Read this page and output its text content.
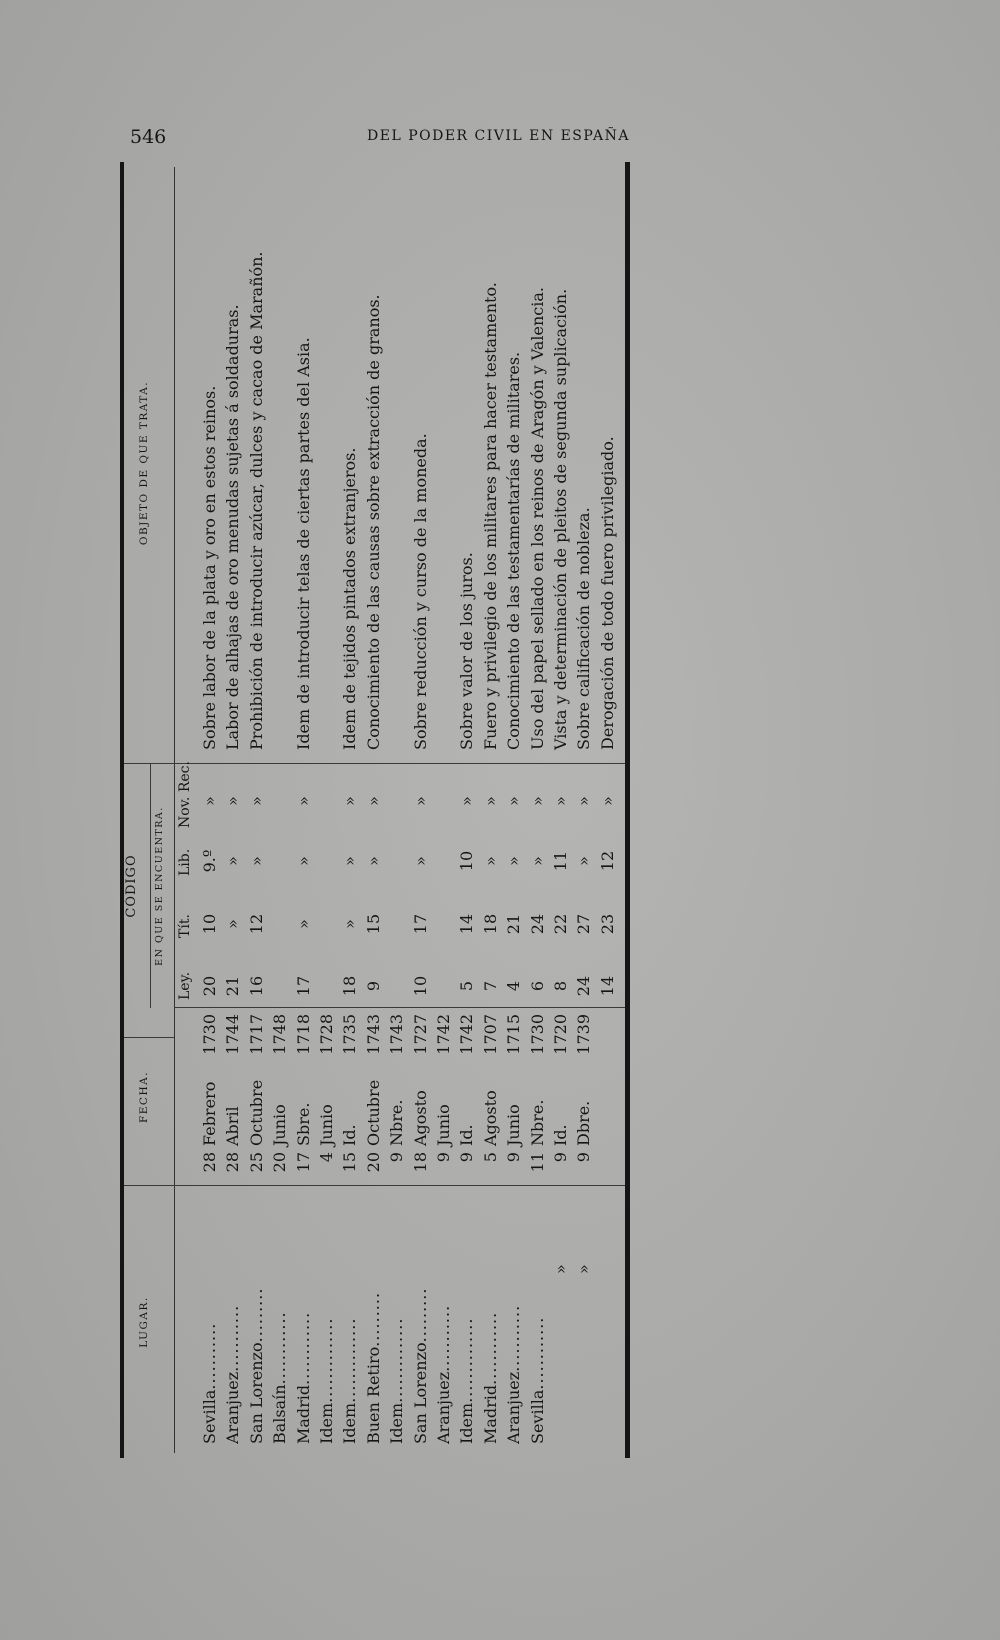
546	DEL PODER CIVIL EN ESPAÑA
LUGAR.
FECHA.
CÓDIGO EN QUE SE ENCUENTRA.
OBJETO DE QUE TRATA.
Ley.
Tít.
Lib.
Nov. Rec.
Sevilla...........
28
Febrero
1730
20
10
9.º
»
Sobre labor de la plata y oro en estos reinos.
Aranjuez...........
28
Abril
1744
21
»
»
»
Labor de alhajas de oro menudas sujetas á soldaduras.
San Lorenzo.........
25
Octubre
1717
16
12
»
»
Prohibición de introducir azúcar, dulces y cacao de Marañón.
Balsaín............
20
Junio
1748
Madrid............
17
Sbre.
1718
17
»
»
»
Idem de introducir telas de ciertas partes del Asia.
Idem..............
4
Junio
1728
Idem..............
15
Id.
1735
18
»
»
»
Idem de tejidos pintados extranjeros.
Buen Retiro.........
20
Octubre
1743
9
15
»
»
Conocimiento de las causas sobre extracción de granos.
Idem..............
9
Nbre.
1743
San Lorenzo.........
18
Agosto
1727
10
17
»
»
Sobre reducción y curso de la moneda.
Aranjuez...........
9
Junio
1742
Idem..............
9
Id.
1742
5
14
10
»
Sobre valor de los juros.
Madrid............
5
Agosto
1707
7
18
»
»
Fuero y privilegio de los militares para hacer testamento.
Aranjuez...........
9
Junio
1715
4
21
»
»
Conocimiento de las testamentarías de militares.
Sevilla............
11
Nbre.
1730
6
24
»
»
Uso del papel sellado en los reinos de Aragón y Valencia.
»
9
Id.
1720
8
22
11
»
Vista y determinación de pleitos de segunda suplicación.
»
9
Dbre.
1739
24
27
»
»
Sobre calificación de nobleza.
14
23
12
»
Derogación de todo fuero privilegiado.
